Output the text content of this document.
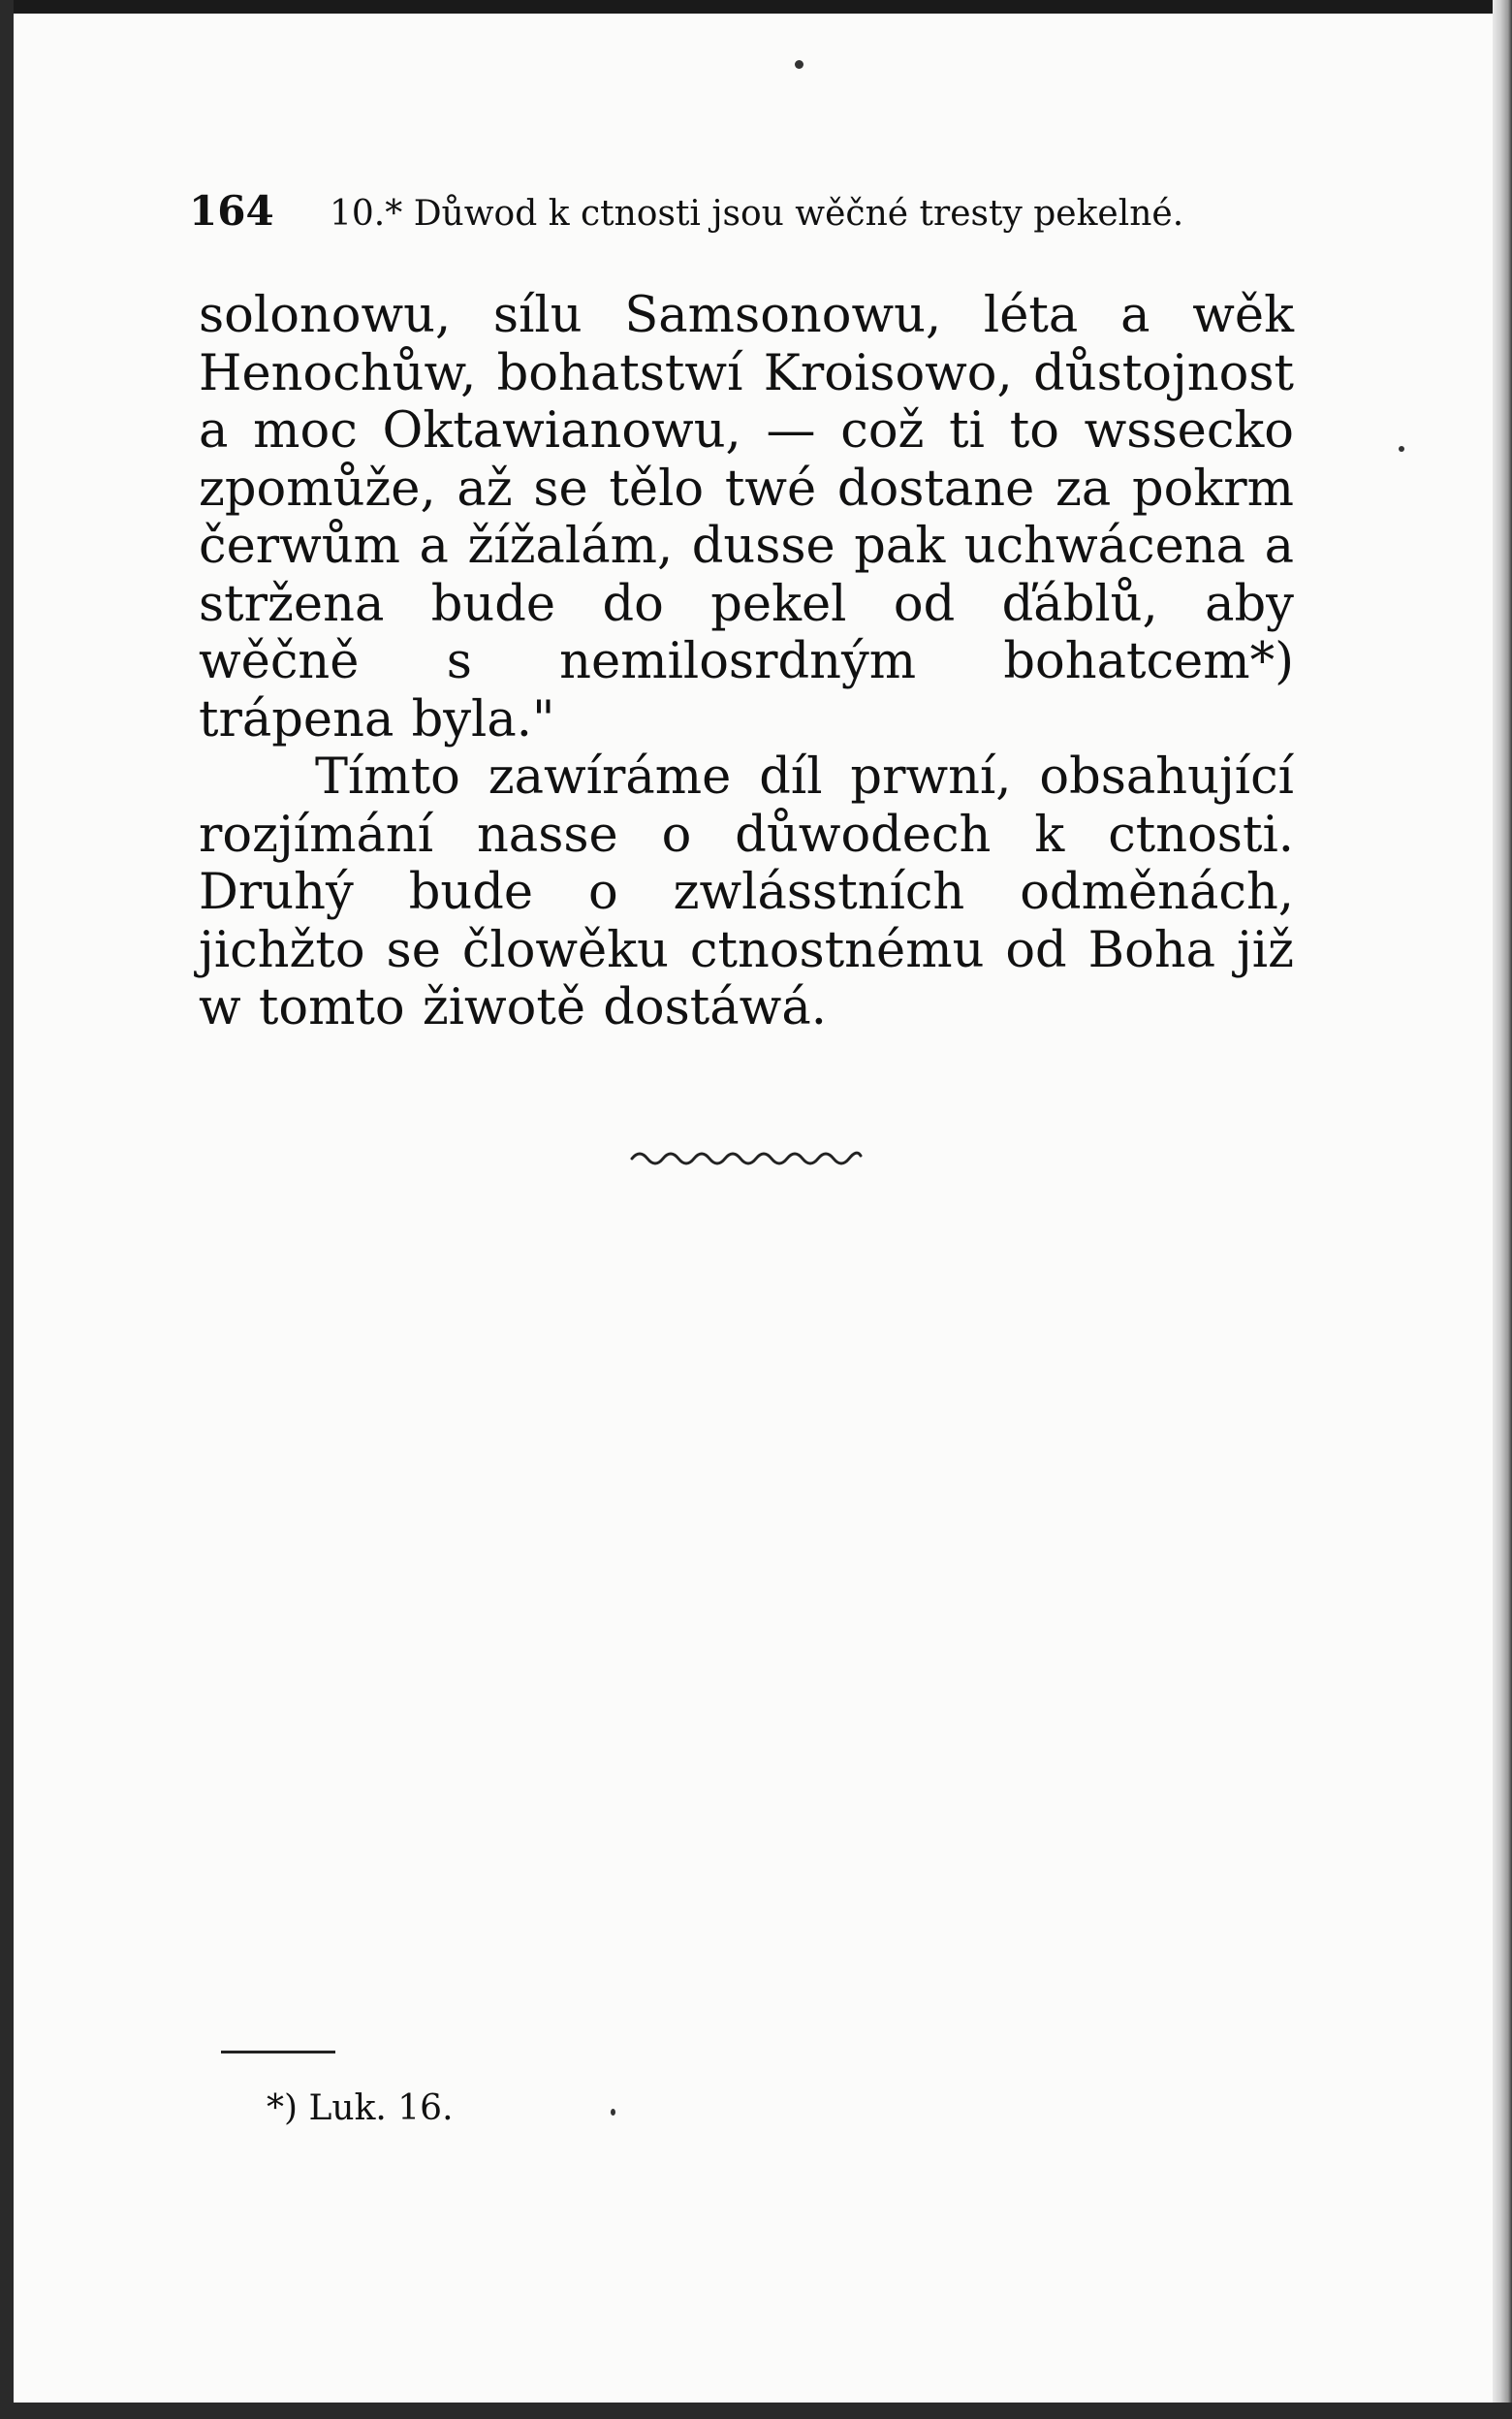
164 10.* Důwod k ctnosti jsou wěčné tresty pekelné.

solonowu, sílu Samsonowu, léta a wěk Henochůw, bohatstwí Kroisowo, důstojnost a moc Oktawianowu, — což ti to wssecko zpomůže, až se tělo twé dostane za pokrm čerwům a žížalám, dusse pak uchwácena a stržena bude do pekel od ďáblů, aby wěčně s nemilosrdným bohatcem*) trápena byla."

Tímto zawíráme díl prwní, obsahující rozjímání nasse o důwodech k ctnosti. Druhý bude o zwlásstních odměnách, jichžto se člowěku ctnostnému od Boha již w tomto žiwotě dostáwá.

*) Luk. 16.
